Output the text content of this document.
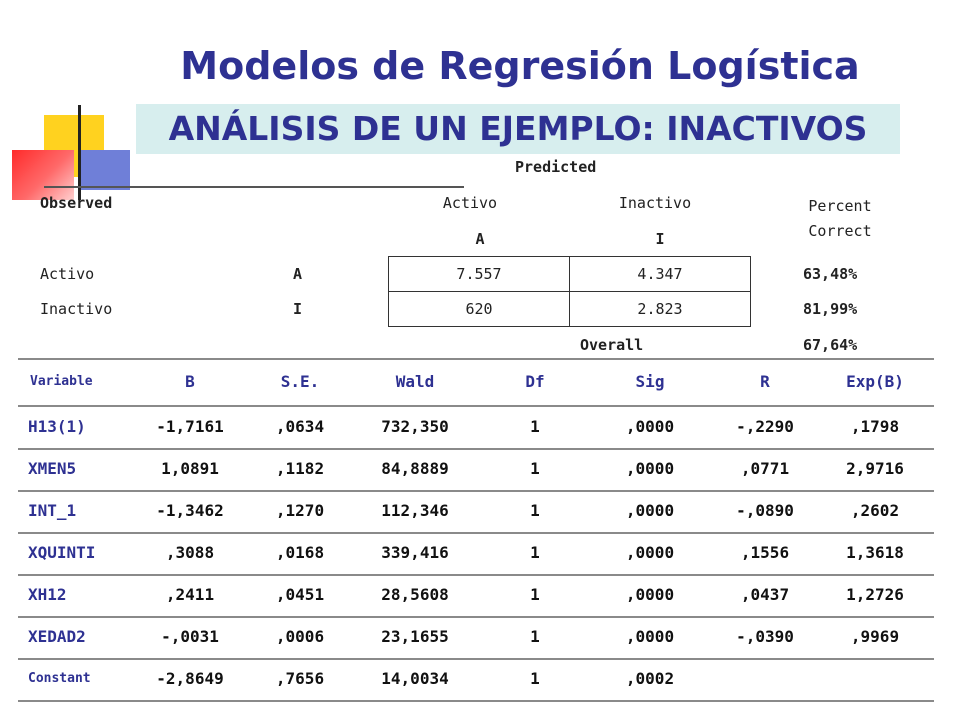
Modelos de Regresión Logística
ANÁLISIS DE UN EJEMPLO: INACTIVOS
Predicted
Observed	Activo	Inactivo	Percent Correct
A	I
Activo	A	7.557	4.347	63,48%
Inactivo	I	620	2.823	81,99%
Overall	67,64%
Variable	B	S.E.	Wald	Df	Sig	R	Exp(B)
H13(1)	-1,7161	,0634	732,350	1	,0000	-,2290	,1798
XMEN5	1,0891	,1182	84,8889	1	,0000	,0771	2,9716
INT_1	-1,3462	,1270	112,346	1	,0000	-,0890	,2602
XQUINTI	,3088	,0168	339,416	1	,0000	,1556	1,3618
XH12	,2411	,0451	28,5608	1	,0000	,0437	1,2726
XEDAD2	-,0031	,0006	23,1655	1	,0000	-,0390	,9969
Constant	-2,8649	,7656	14,0034	1	,0002
